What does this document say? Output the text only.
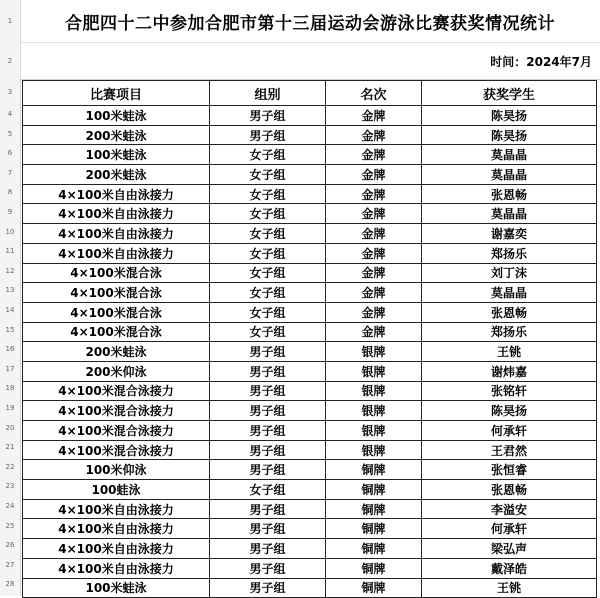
1
2
3
4
5
6
7
8
9
10
11
12
13
14
15
16
17
18
19
20
21
22
23
24
25
26
27
28
合肥四十二中参加合肥市第十三届运动会游泳比赛获奖情况统计
时间：2024年7月
比赛项目	组别	名次	获奖学生
100米蛙泳	男子组	金牌	陈昊扬
200米蛙泳	男子组	金牌	陈昊扬
100米蛙泳	女子组	金牌	莫晶晶
200米蛙泳	女子组	金牌	莫晶晶
4×100米自由泳接力	女子组	金牌	张恩畅
4×100米自由泳接力	女子组	金牌	莫晶晶
4×100米自由泳接力	女子组	金牌	谢嘉奕
4×100米自由泳接力	女子组	金牌	郑扬乐
4×100米混合泳	女子组	金牌	刘丁沫
4×100米混合泳	女子组	金牌	莫晶晶
4×100米混合泳	女子组	金牌	张恩畅
4×100米混合泳	女子组	金牌	郑扬乐
200米蛙泳	男子组	银牌	王铫
200米仰泳	男子组	银牌	谢炜嘉
4×100米混合泳接力	男子组	银牌	张铭轩
4×100米混合泳接力	男子组	银牌	陈昊扬
4×100米混合泳接力	男子组	银牌	何承轩
4×100米混合泳接力	男子组	银牌	王君然
100米仰泳	男子组	铜牌	张恒睿
100蛙泳	女子组	铜牌	张恩畅
4×100米自由泳接力	男子组	铜牌	李溢安
4×100米自由泳接力	男子组	铜牌	何承轩
4×100米自由泳接力	男子组	铜牌	梁弘声
4×100米自由泳接力	男子组	铜牌	戴泽皓
100米蛙泳	男子组	铜牌	王铫
